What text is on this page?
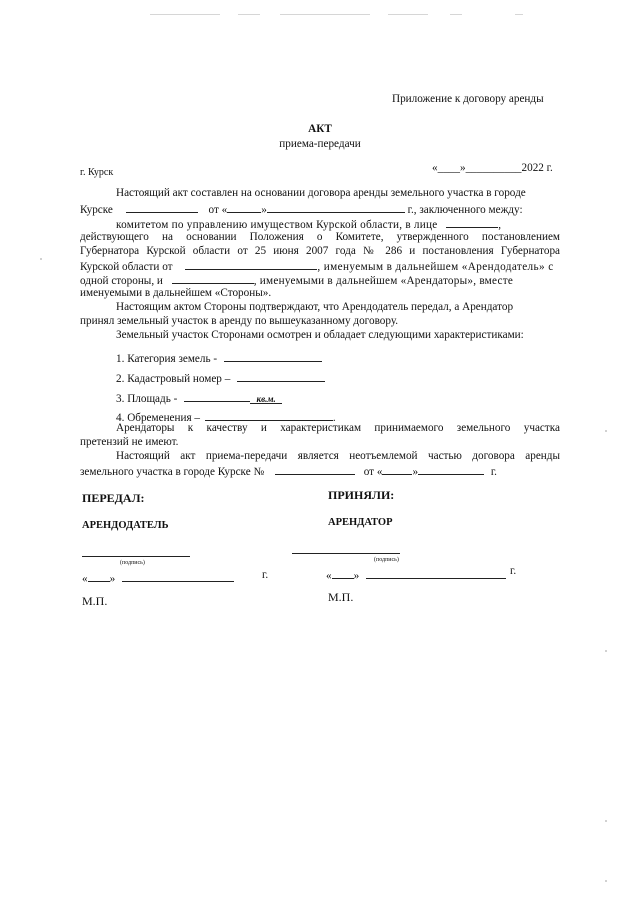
Приложение к договору аренды
АКТ
приема-передачи
г. Курск	«____»__________2022 г.
Настоящий акт составлен на основании договора аренды земельного участка в городе
Курске	от «	»	г., заключенного между:
комитетом по управлению имуществом Курской области, в лице	,
действующего на основании Положения о Комитете, утвержденного постановлением
Губернатора Курской области от 25 июня 2007 года № 286 и постановления Губернатора
Курской области от	, именуемым в дальнейшем «Арендодатель» с
одной стороны, и	, именуемыми в дальнейшем «Арендаторы», вместе
именуемыми в дальнейшем «Стороны».
Настоящим актом Стороны подтверждают, что Арендодатель передал, а Арендатор
принял земельный участок в аренду по вышеуказанному договору.
Земельный участок Сторонами осмотрен и обладает следующими характеристиками:
1. Категория земель -
2. Кадастровый номер –
3. Площадь -	кв.м.
4. Обременения –	.
Арендаторы к качеству и характеристикам принимаемого земельного участка
претензий не имеют.
Настоящий акт приема-передачи является неотъемлемой частью договора аренды
земельного участка в городе Курске №	от «	»	г.
ПЕРЕДАЛ:
АРЕНДОДАТЕЛЬ
(подпись)
« »	г.
М.П.
ПРИНЯЛИ:
АРЕНДАТОР
(подпись)
« »	г.
М.П.
